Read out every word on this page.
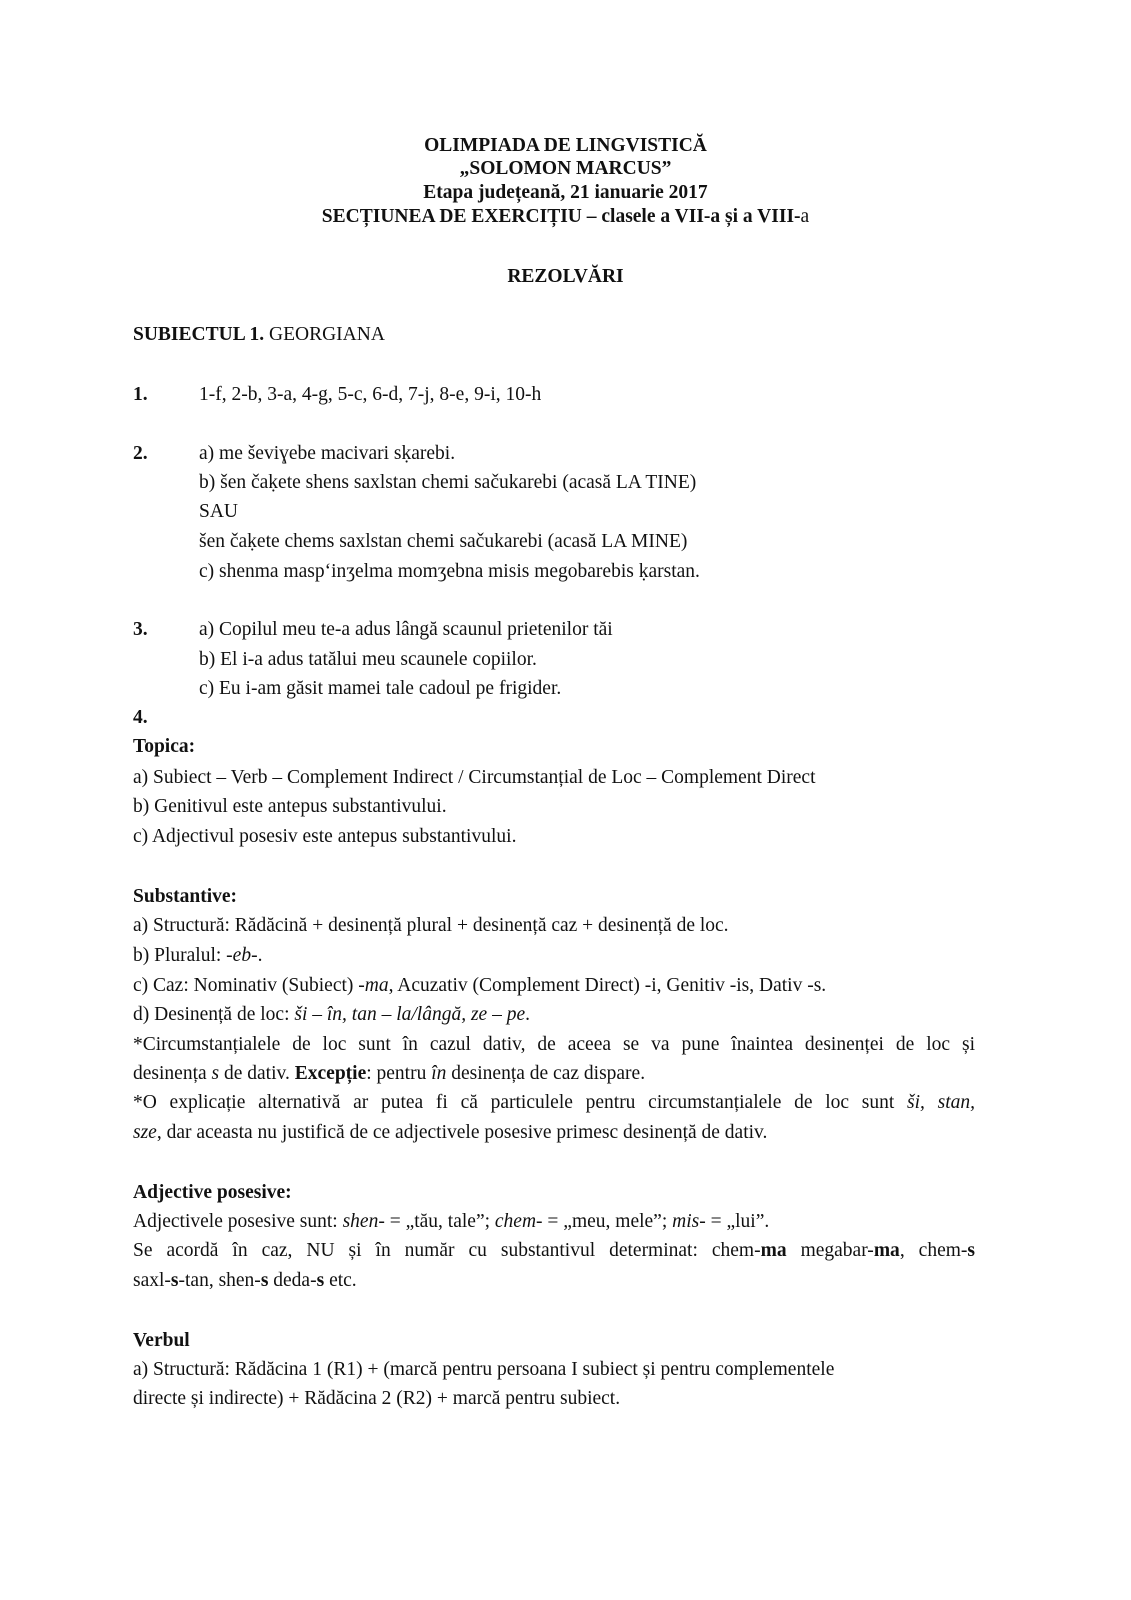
OLIMPIADA DE LINGVISTICĂ
„SOLOMON MARCUS”
Etapa județeană, 21 ianuarie 2017
SECȚIUNEA DE EXERCIȚIU – clasele a VII-a și a VIII-a
REZOLVĂRI
SUBIECTUL 1. GEORGIANA
1.	1-f, 2-b, 3-a, 4-g, 5-c, 6-d, 7-j, 8-e, 9-i, 10-h
2.	a) me ševiɣebe macivari sḳarebi.
b) šen čaḳete shens saxlstan chemi sačukarebi (acasă LA TINE)
SAU
šen čaḳete chems saxlstan chemi sačukarebi (acasă LA MINE)
c) shenma maspʻinʒelma momʒebna misis megobarebis ḳarstan.
3.	a) Copilul meu te-a adus lângă scaunul prietenilor tăi
b) El i-a adus tatălui meu scaunele copiilor.
c) Eu i-am găsit mamei tale cadoul pe frigider.
4.
Topica:
a) Subiect – Verb – Complement Indirect / Circumstanțial de Loc – Complement Direct
b) Genitivul este antepus substantivului.
c) Adjectivul posesiv este antepus substantivului.
Substantive:
a) Structură: Rădăcină + desinență plural + desinență caz + desinență de loc.
b) Pluralul: -eb-.
c) Caz: Nominativ (Subiect) -ma, Acuzativ (Complement Direct) -i, Genitiv -is, Dativ -s.
d) Desinență de loc: ši – în, tan – la/lângă, ze – pe.
*Circumstanțialele de loc sunt în cazul dativ, de aceea se va pune înaintea desinenței de loc și
desinența s de dativ. Excepție: pentru în desinența de caz dispare.
*O explicație alternativă ar putea fi că particulele pentru circumstanțialele de loc sunt ši, stan,
sze, dar aceasta nu justifică de ce adjectivele posesive primesc desinență de dativ.
Adjective posesive:
Adjectivele posesive sunt: shen- = „tău, tale”; chem- = „meu, mele”; mis- = „lui”.
Se acordă în caz, NU și în număr cu substantivul determinat: chem-ma megabar-ma, chem-s
saxl-s-tan, shen-s deda-s etc.
Verbul
a) Structură: Rădăcina 1 (R1) + (marcă pentru persoana I subiect și pentru complementele
directe și indirecte) + Rădăcina 2 (R2) + marcă pentru subiect.
